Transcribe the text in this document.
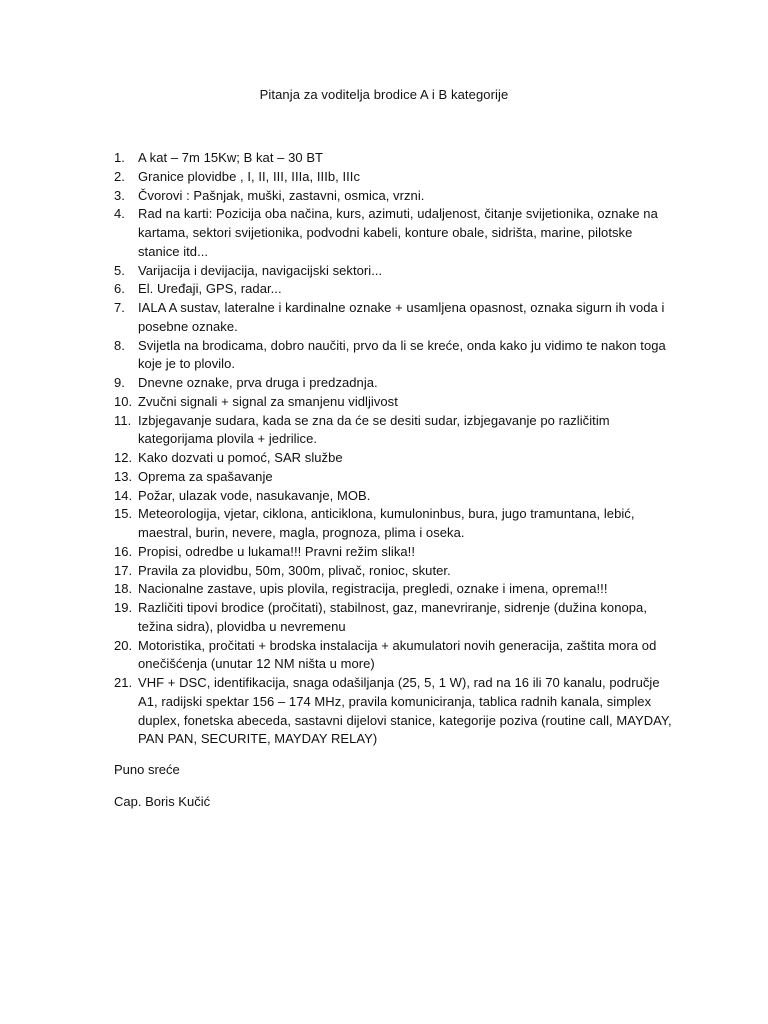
Pitanja za voditelja brodice A i B kategorije
1. A kat – 7m 15Kw; B kat – 30 BT
2. Granice plovidbe , I, II, III, IIIa, IIIb, IIIc
3. Čvorovi : Pašnjak, muški, zastavni, osmica, vrzni.
4. Rad na karti: Pozicija oba načina, kurs, azimuti, udaljenost, čitanje svijetionika, oznake na kartama, sektori svijetionika, podvodni kabeli, konture obale, sidrišta, marine, pilotske stanice itd...
5. Varijacija i devijacija, navigacijski sektori...
6. El. Uređaji, GPS, radar...
7. IALA A sustav, lateralne i kardinalne oznake + usamljena opasnost, oznaka sigurn ih voda i posebne oznake.
8. Svijetla na brodicama, dobro naučiti, prvo da li se kreće, onda kako ju vidimo te nakon toga koje je to plovilo.
9. Dnevne oznake, prva druga i predzadnja.
10. Zvučni signali + signal za smanjenu vidljivost
11. Izbjegavanje sudara, kada se zna da će se desiti sudar, izbjegavanje po različitim kategorijama plovila + jedrilice.
12. Kako dozvati u pomoć, SAR službe
13. Oprema za spašavanje
14. Požar, ulazak vode, nasukavanje, MOB.
15. Meteorologija, vjetar, ciklona, anticiklona, kumuloninbus, bura, jugo tramuntana, lebić, maestral, burin, nevere, magla, prognoza, plima i oseka.
16. Propisi, odredbe u lukama!!! Pravni režim slika!!
17. Pravila za plovidbu, 50m, 300m, plivač, ronioc, skuter.
18. Nacionalne zastave, upis plovila, registracija, pregledi, oznake i imena, oprema!!!
19. Različiti tipovi brodice (pročitati), stabilnost, gaz, manevriranje, sidrenje (dužina konopa, težina sidra), plovidba u nevremenu
20. Motoristika, pročitati + brodska instalacija + akumulatori novih generacija, zaštita mora od onečišćenja (unutar 12 NM ništa u more)
21. VHF + DSC, identifikacija, snaga odašiljanja (25, 5, 1 W), rad na 16 ili 70 kanalu, područje A1, radijski spektar 156 – 174 MHz, pravila komuniciranja, tablica radnih kanala, simplex duplex, fonetska abeceda, sastavni dijelovi stanice, kategorije poziva (routine call, MAYDAY, PAN PAN, SECURITE, MAYDAY RELAY)
Puno sreće
Cap. Boris Kučić
